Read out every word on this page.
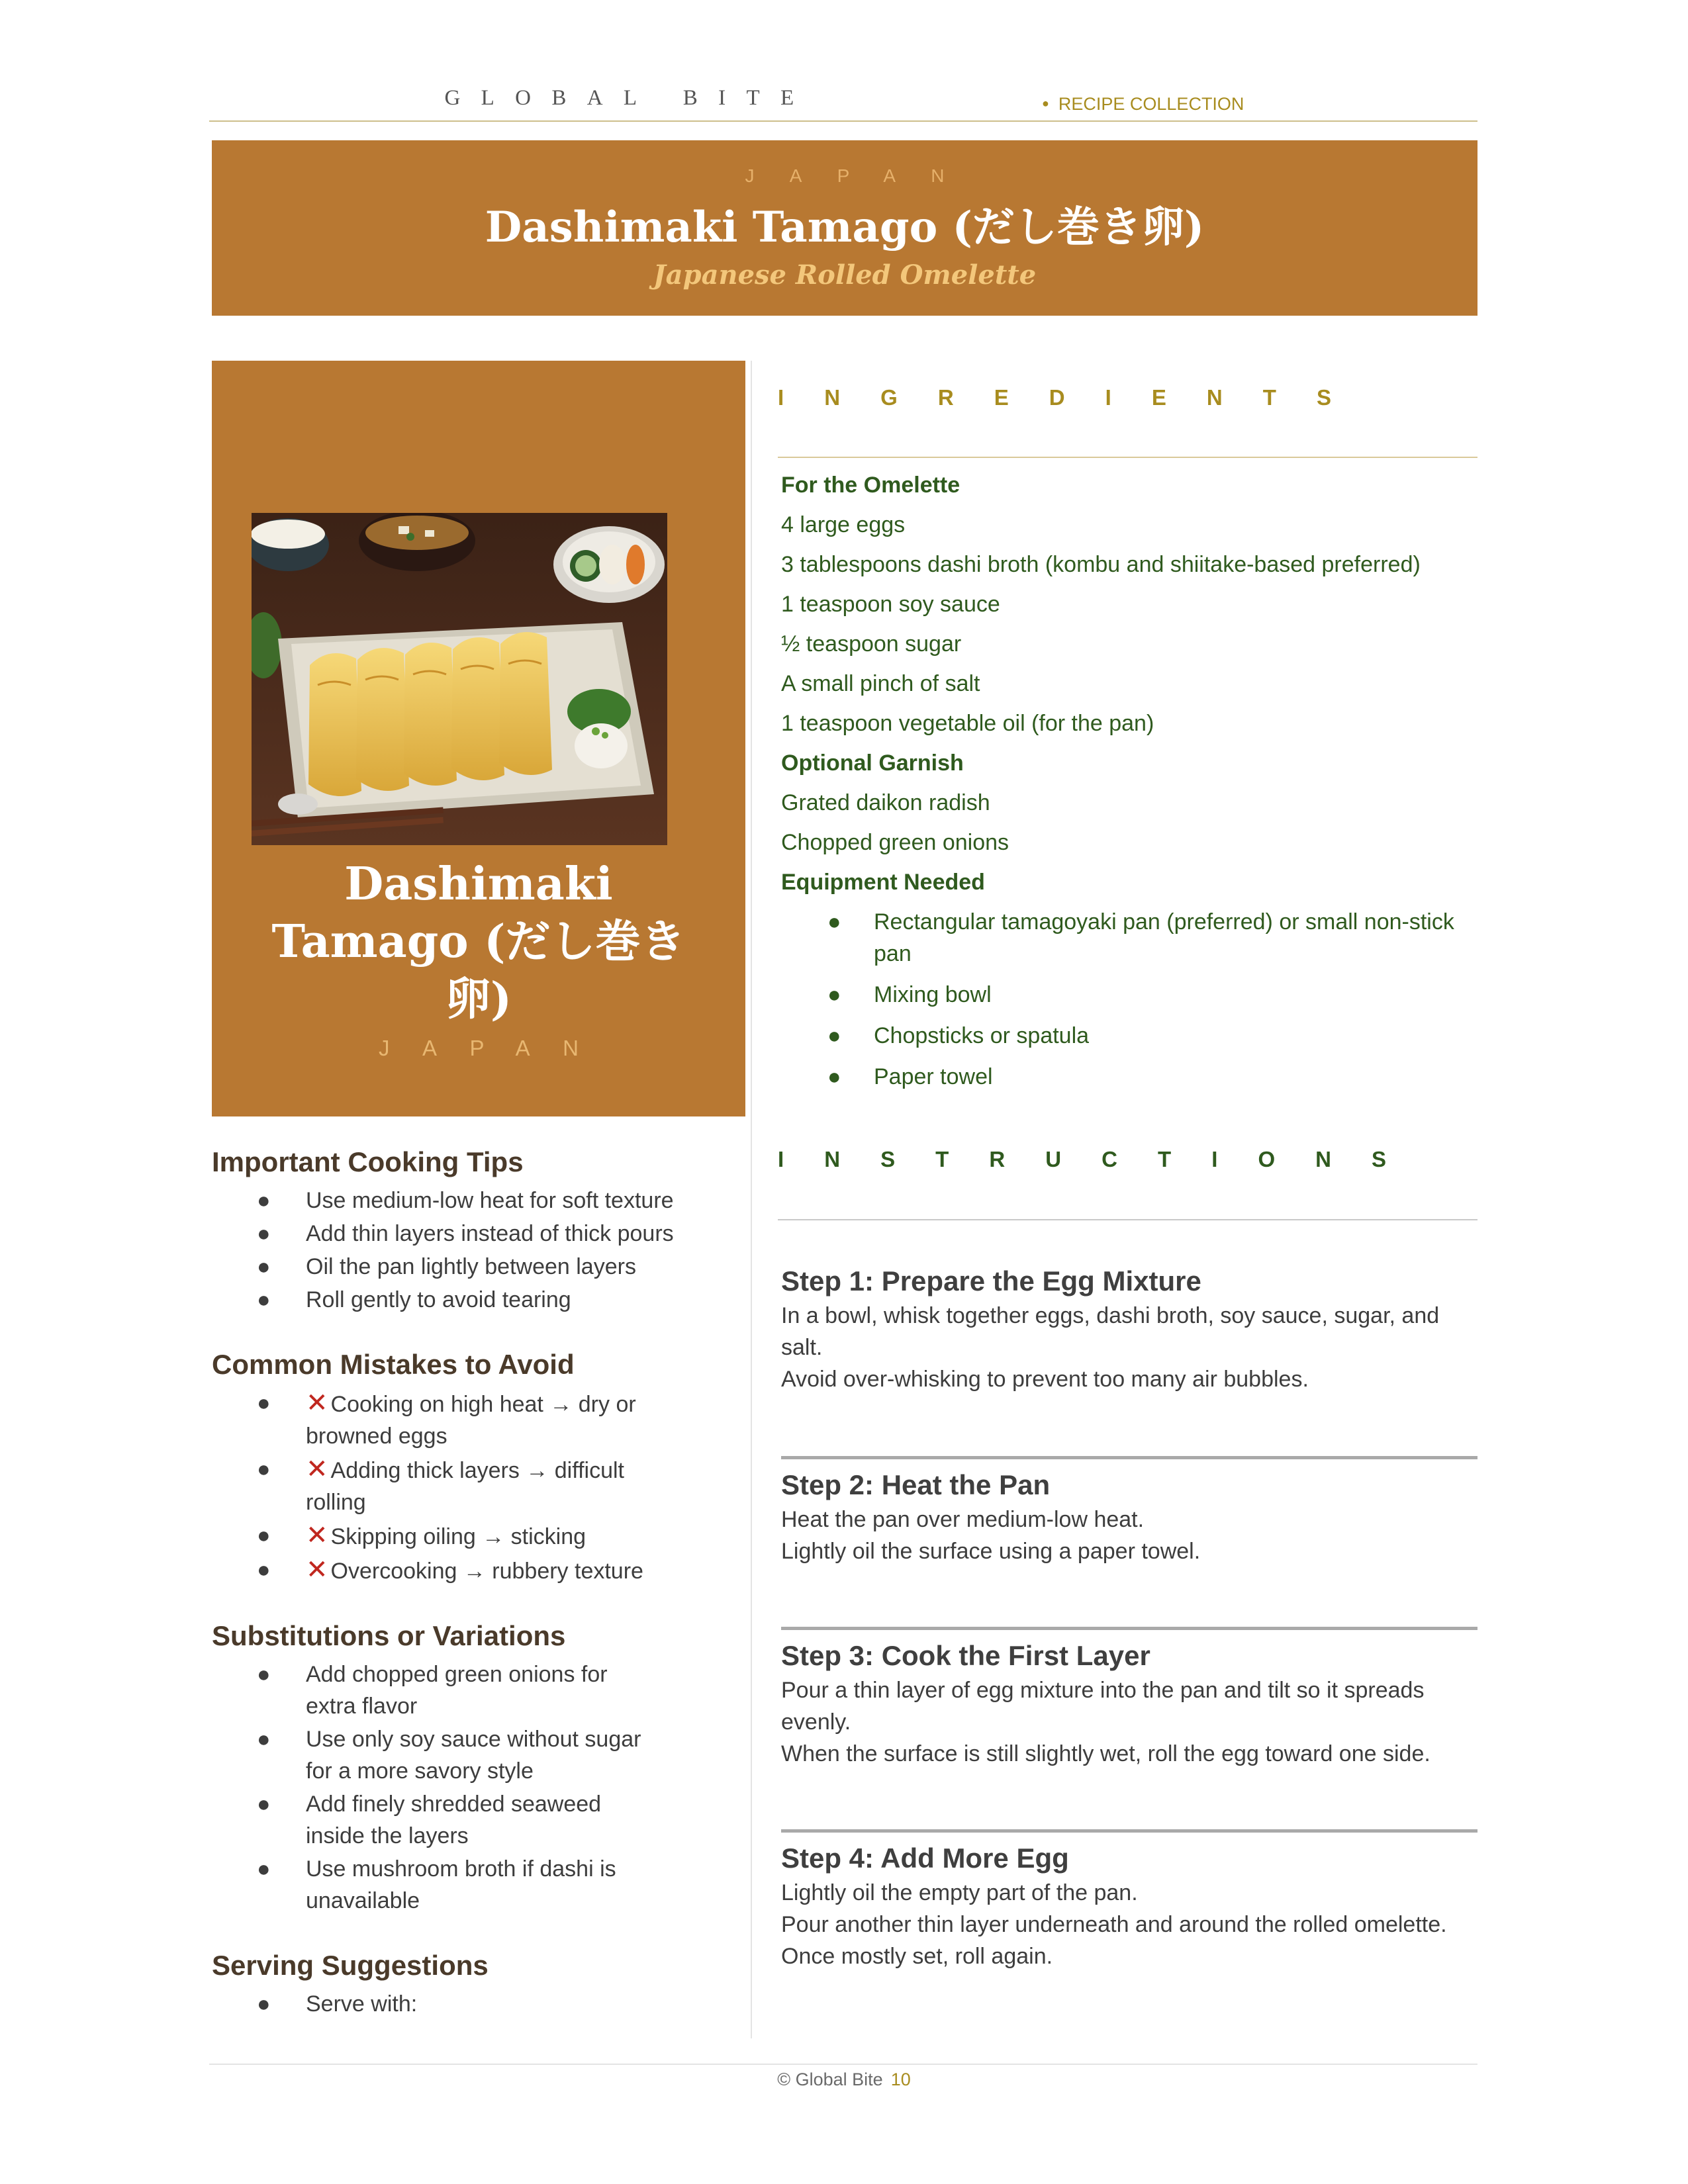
GLOBAL BITE	● RECIPE COLLECTION
JAPAN
Dashimaki Tamago (だし巻き卵)
Japanese Rolled Omelette
Dashimaki
Tamago (だし巻き
卵)
JAPAN
Important Cooking Tips
● Use medium-low heat for soft texture
● Add thin layers instead of thick pours
● Oil the pan lightly between layers
● Roll gently to avoid tearing
Common Mistakes to Avoid
● ✕ Cooking on high heat → dry or browned eggs
● ✕ Adding thick layers → difficult rolling
● ✕ Skipping oiling → sticking
● ✕ Overcooking → rubbery texture
Substitutions or Variations
● Add chopped green onions for extra flavor
● Use only soy sauce without sugar for a more savory style
● Add finely shredded seaweed inside the layers
● Use mushroom broth if dashi is unavailable
Serving Suggestions
● Serve with:
INGREDIENTS
For the Omelette
4 large eggs
3 tablespoons dashi broth (kombu and shiitake-based preferred)
1 teaspoon soy sauce
½ teaspoon sugar
A small pinch of salt
1 teaspoon vegetable oil (for the pan)
Optional Garnish
Grated daikon radish
Chopped green onions
Equipment Needed
● Rectangular tamagoyaki pan (preferred) or small non-stick pan
● Mixing bowl
● Chopsticks or spatula
● Paper towel
INSTRUCTIONS
Step 1: Prepare the Egg Mixture
In a bowl, whisk together eggs, dashi broth, soy sauce, sugar, and salt.
Avoid over-whisking to prevent too many air bubbles.
Step 2: Heat the Pan
Heat the pan over medium-low heat.
Lightly oil the surface using a paper towel.
Step 3: Cook the First Layer
Pour a thin layer of egg mixture into the pan and tilt so it spreads evenly.
When the surface is still slightly wet, roll the egg toward one side.
Step 4: Add More Egg
Lightly oil the empty part of the pan.
Pour another thin layer underneath and around the rolled omelette.
Once mostly set, roll again.
© Global Bite 10
